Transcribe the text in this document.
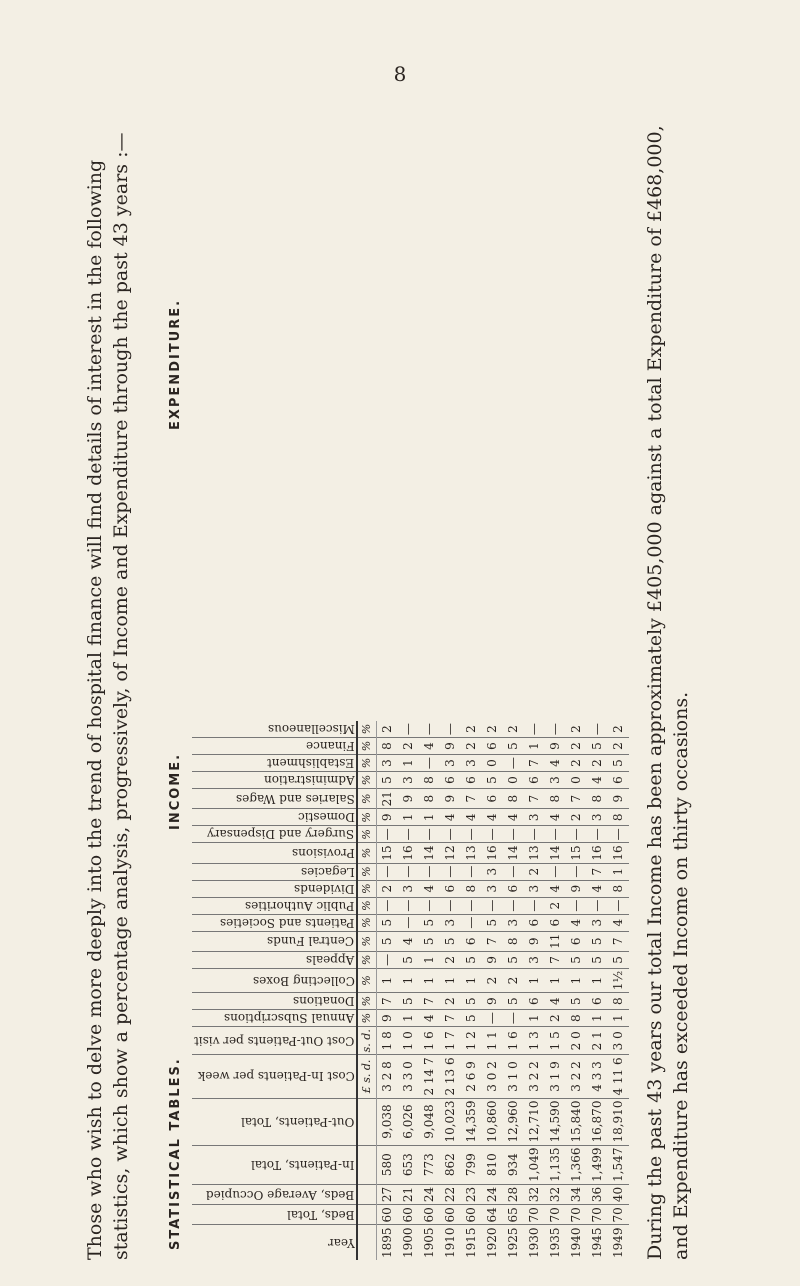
8
Those who wish to delve more deeply into the trend of hospital finance will find details of interest in the following statistics, which show a percentage analysis, progressively, of Income and Expenditure through the past 43 years :—	STATISTICAL TABLES.
INCOME.
EXPENDITURE.
Year	Beds, Total	Beds, Average Occupied	In-Patients, Total	Out-Patients, Total	Cost In-Patients per week	Cost Out-Patients per visit	Annual Subscriptions	Donations	Collecting Boxes	Appeals	Central Funds	Patients and Societies	Public Authorities	Dividends	Legacies	Provisions	Surgery and Dispensary	Domestic	Salaries and Wages	Administration	Establishment	Finance	Miscellaneous

					£ s. d.	s. d.	%	%	%	%	%	%	%	%	%	%	%	%	%	%	%	%	%
1895	60	27	580	9,038	3 2 8	1 8	9	7	1	—	5	5	—	2	—	15	—	9	21	5	3	8	2
1900	60	21	653	6,026	3 3 0	1 0	1	5	1	5	4	—	—	3	—	16	—	1	9	3	1	2	—
1905	60	24	773	9,048	2 14 7	1 6	4	7	1	1	5	5	—	4	—	14	—	1	8	8	—	4	—
1910	60	22	862	10,023	2 13 6	1 7	7	2	1	2	5	3	—	6	—	12	—	4	9	6	3	9	—
1915	60	23	799	14,359	2 6 9	1 2	5	5	1	5	6	—	—	8	—	13	—	4	7	6	3	2	2
1920	64	24	810	10,860	3 0 2	1 1	—	9	2	9	7	5	—	3	3	16	—	4	6	5	0	6	2
1925	65	28	934	12,960	3 1 0	1 6	—	5	2	5	8	3	—	6	—	14	—	4	8	0	—	5	2
1930	70	32	1,049	12,710	3 2 2	1 3	1	6	1	3	9	6	—	3	2	13	—	3	7	6	7	1	—
1935	70	32	1,135	14,590	3 1 9	1 5	2	4	1	7	11	6	2	4	—	14	—	4	8	3	4	9	—
1940	70	34	1,366	15,840	3 2 2	2 0	8	5	1	5	6	4	—	9	—	15	—	2	7	0	2	2	2
1945	70	36	1,499	16,870	4 3 3	2 1	1	6	1	5	5	3	—	4	7	16	—	3	8	4	2	5	—
1949	70	40	1,547	18,910	4 11 6	3 0	1	8	1½	5	7	4	—	8	1	16	—	8	9	6	5	2	2 During the past 43 years our total Income has been approximately £405,000 against a total Expenditure of £468,000, and Expenditure has exceeded Income on thirty occasions.
